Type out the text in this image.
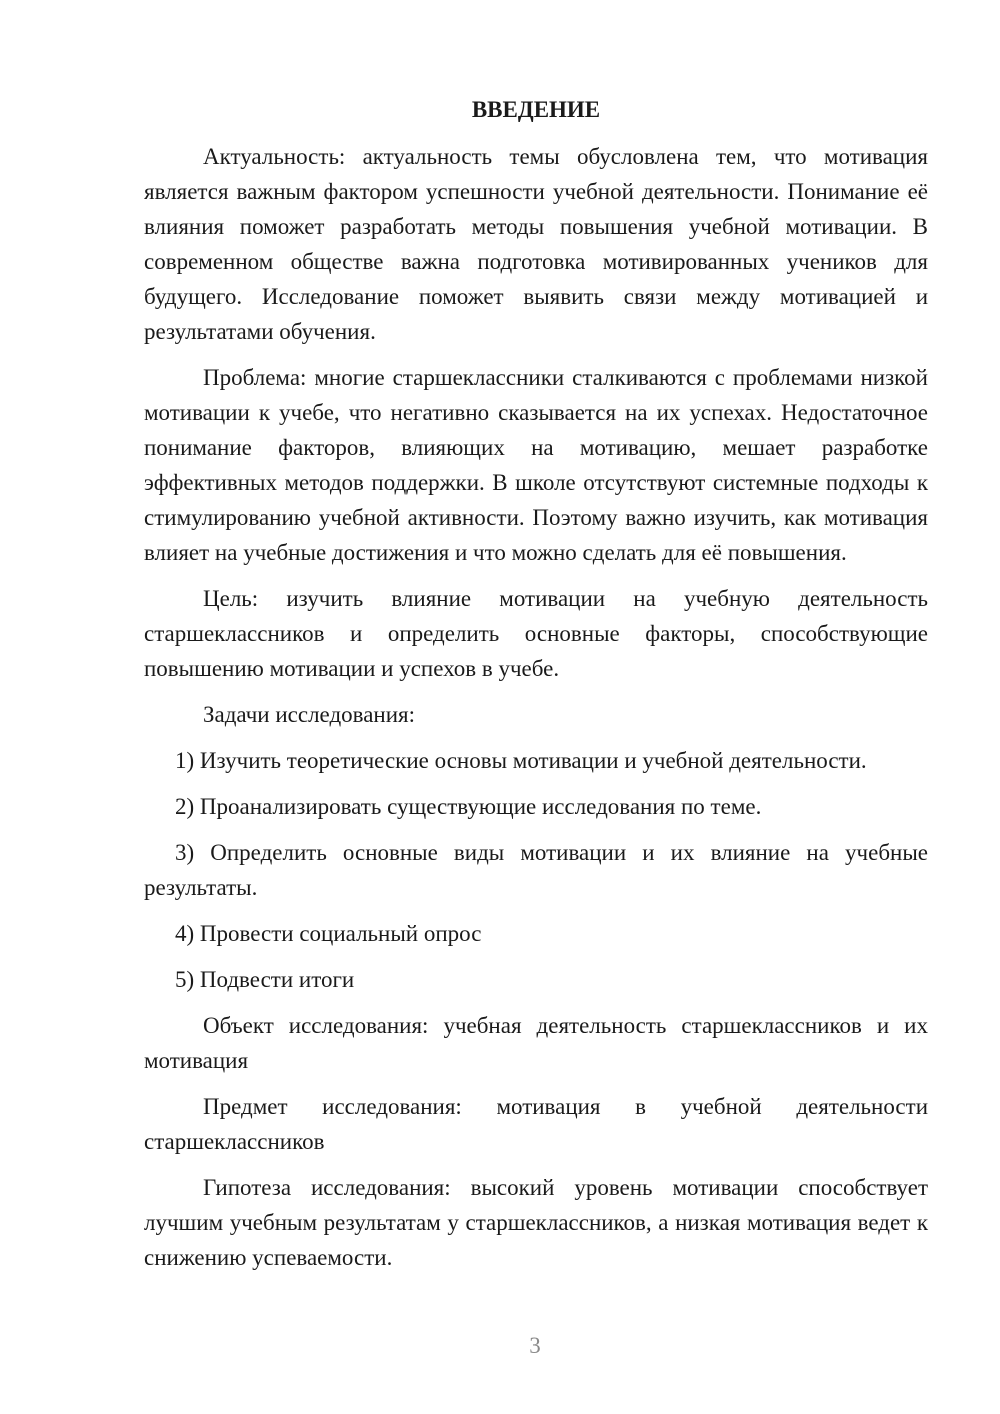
ВВЕДЕНИЕ

Актуальность: актуальность темы обусловлена тем, что мотивация является важным фактором успешности учебной деятельности. Понимание её влияния поможет разработать методы повышения учебной мотивации. В современном обществе важна подготовка мотивированных учеников для будущего. Исследование поможет выявить связи между мотивацией и результатами обучения.

Проблема: многие старшеклассники сталкиваются с проблемами низкой мотивации к учебе, что негативно сказывается на их успехах. Недостаточное понимание факторов, влияющих на мотивацию, мешает разработке эффективных методов поддержки. В школе отсутствуют системные подходы к стимулированию учебной активности. Поэтому важно изучить, как мотивация влияет на учебные достижения и что можно сделать для её повышения.

Цель: изучить влияние мотивации на учебную деятельность старшеклассников и определить основные факторы, способствующие повышению мотивации и успехов в учебе.

Задачи исследования:

1) Изучить теоретические основы мотивации и учебной деятельности.

2) Проанализировать существующие исследования по теме.

3) Определить основные виды мотивации и их влияние на учебные результаты.

4) Провести социальный опрос

5) Подвести итоги

Объект исследования: учебная деятельность старшеклассников и их мотивация

Предмет исследования: мотивация в учебной деятельности старшеклассников

Гипотеза исследования: высокий уровень мотивации способствует лучшим учебным результатам у старшеклассников, а низкая мотивация ведет к снижению успеваемости.

3
